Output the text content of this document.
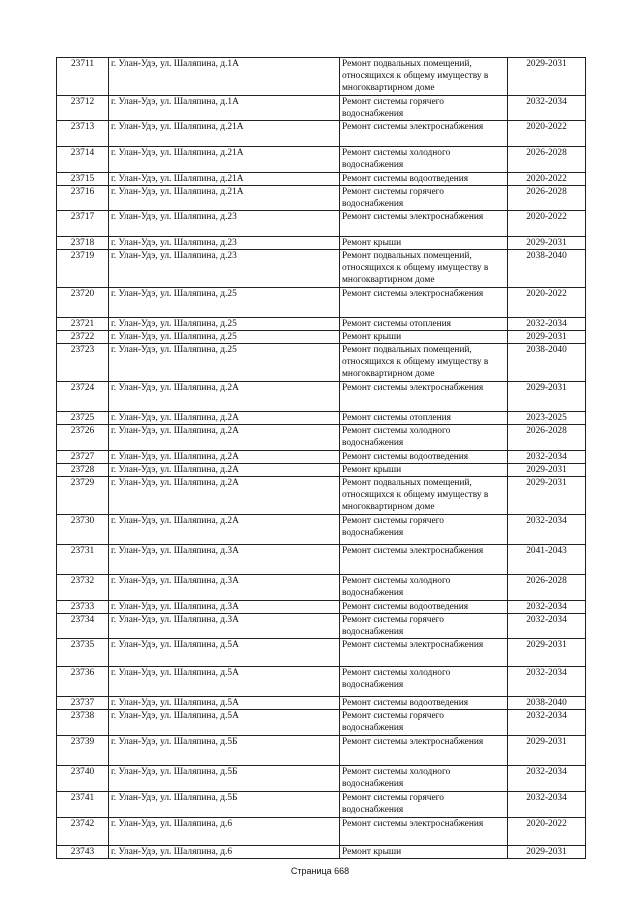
23711	г. Улан-Удэ, ул. Шаляпина, д.1А	Ремонт подвальных помещений, относящихся к общему имуществу в многоквартирном доме	2029-2031
23712	г. Улан-Удэ, ул. Шаляпина, д.1А	Ремонт системы горячего водоснабжения	2032-2034
23713	г. Улан-Удэ, ул. Шаляпина, д.21А	Ремонт системы электроснабжения	2020-2022
23714	г. Улан-Удэ, ул. Шаляпина, д.21А	Ремонт системы холодного водоснабжения	2026-2028
23715	г. Улан-Удэ, ул. Шаляпина, д.21А	Ремонт системы водоотведения	2020-2022
23716	г. Улан-Удэ, ул. Шаляпина, д.21А	Ремонт системы горячего водоснабжения	2026-2028
23717	г. Улан-Удэ, ул. Шаляпина, д.23	Ремонт системы электроснабжения	2020-2022
23718	г. Улан-Удэ, ул. Шаляпина, д.23	Ремонт крыши	2029-2031
23719	г. Улан-Удэ, ул. Шаляпина, д.23	Ремонт подвальных помещений, относящихся к общему имуществу в многоквартирном доме	2038-2040
23720	г. Улан-Удэ, ул. Шаляпина, д.25	Ремонт системы электроснабжения	2020-2022
23721	г. Улан-Удэ, ул. Шаляпина, д.25	Ремонт системы отопления	2032-2034
23722	г. Улан-Удэ, ул. Шаляпина, д.25	Ремонт крыши	2029-2031
23723	г. Улан-Удэ, ул. Шаляпина, д.25	Ремонт подвальных помещений, относящихся к общему имуществу в многоквартирном доме	2038-2040
23724	г. Улан-Удэ, ул. Шаляпина, д.2А	Ремонт системы электроснабжения	2029-2031
23725	г. Улан-Удэ, ул. Шаляпина, д.2А	Ремонт системы отопления	2023-2025
23726	г. Улан-Удэ, ул. Шаляпина, д.2А	Ремонт системы холодного водоснабжения	2026-2028
23727	г. Улан-Удэ, ул. Шаляпина, д.2А	Ремонт системы водоотведения	2032-2034
23728	г. Улан-Удэ, ул. Шаляпина, д.2А	Ремонт крыши	2029-2031
23729	г. Улан-Удэ, ул. Шаляпина, д.2А	Ремонт подвальных помещений, относящихся к общему имуществу в многоквартирном доме	2029-2031
23730	г. Улан-Удэ, ул. Шаляпина, д.2А	Ремонт системы горячего водоснабжения	2032-2034
23731	г. Улан-Удэ, ул. Шаляпина, д.3А	Ремонт системы электроснабжения	2041-2043
23732	г. Улан-Удэ, ул. Шаляпина, д.3А	Ремонт системы холодного водоснабжения	2026-2028
23733	г. Улан-Удэ, ул. Шаляпина, д.3А	Ремонт системы водоотведения	2032-2034
23734	г. Улан-Удэ, ул. Шаляпина, д.3А	Ремонт системы горячего водоснабжения	2032-2034
23735	г. Улан-Удэ, ул. Шаляпина, д.5А	Ремонт системы электроснабжения	2029-2031
23736	г. Улан-Удэ, ул. Шаляпина, д.5А	Ремонт системы холодного водоснабжения	2032-2034
23737	г. Улан-Удэ, ул. Шаляпина, д.5А	Ремонт системы водоотведения	2038-2040
23738	г. Улан-Удэ, ул. Шаляпина, д.5А	Ремонт системы горячего водоснабжения	2032-2034
23739	г. Улан-Удэ, ул. Шаляпина, д.5Б	Ремонт системы электроснабжения	2029-2031
23740	г. Улан-Удэ, ул. Шаляпина, д.5Б	Ремонт системы холодного водоснабжения	2032-2034
23741	г. Улан-Удэ, ул. Шаляпина, д.5Б	Ремонт системы горячего водоснабжения	2032-2034
23742	г. Улан-Удэ, ул. Шаляпина, д.6	Ремонт системы электроснабжения	2020-2022
23743	г. Улан-Удэ, ул. Шаляпина, д.6	Ремонт крыши	2029-2031
Страница 668
